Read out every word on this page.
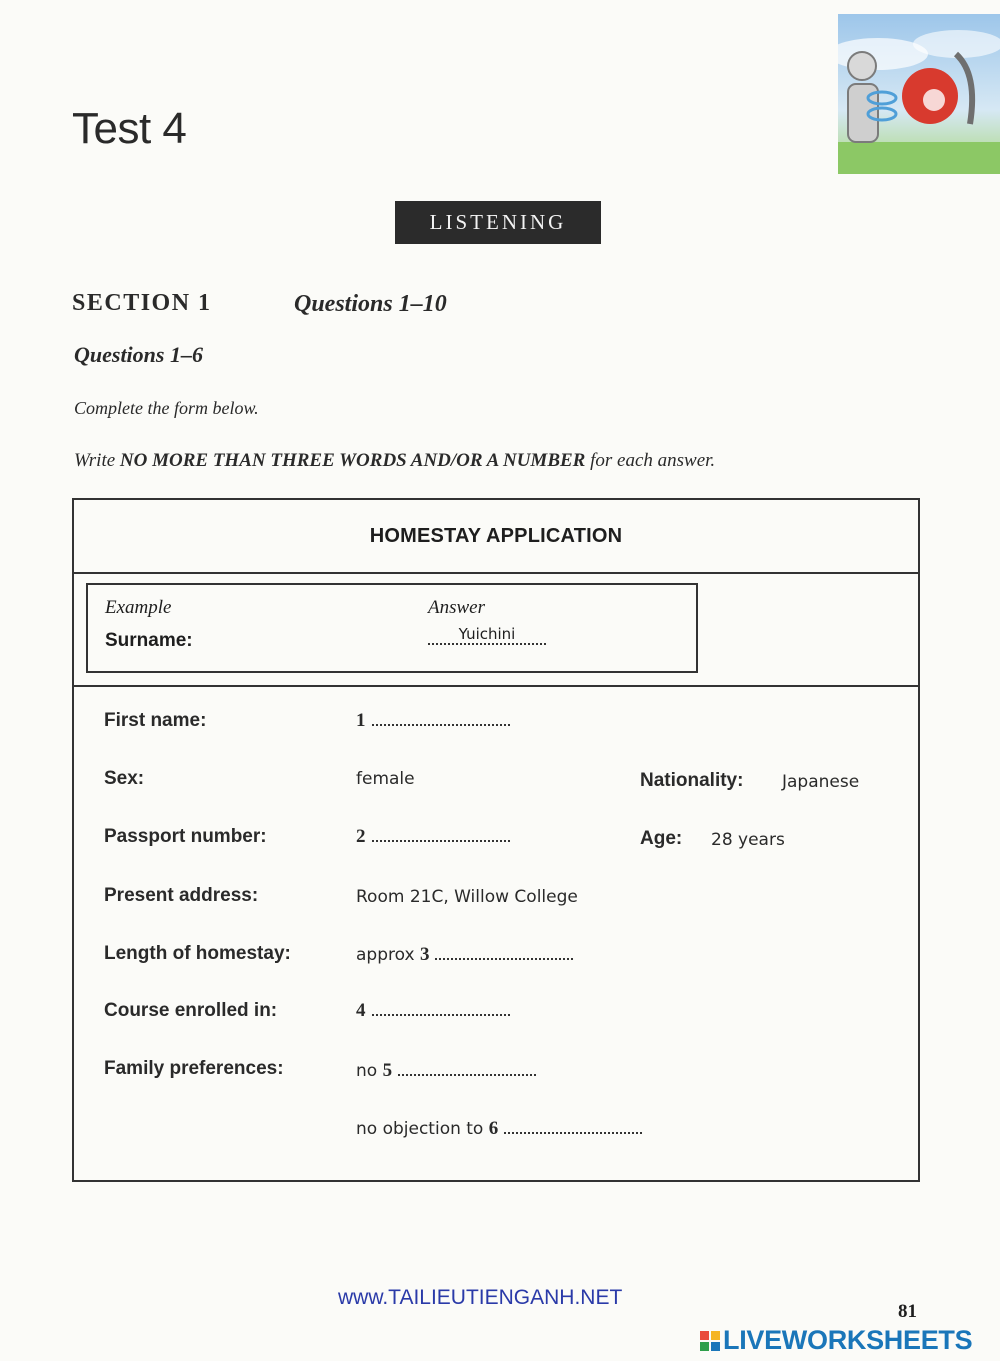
Test 4
LISTENING
SECTION 1	Questions 1–10
Questions 1–6
Complete the form below.
Write NO MORE THAN THREE WORDS AND/OR A NUMBER for each answer.
HOMESTAY APPLICATION
Example	Answer
Surname:	Yuichini
First name:	1
Sex:	female	Nationality: Japanese
Passport number:	2	Age: 28 years
Present address:	Room 21C, Willow College
Length of homestay:	approx 3
Course enrolled in:	4
Family preferences:	no 5
no objection to 6
www.TAILIEUTIENGANH.NET
81
LIVEWORKSHEETS
